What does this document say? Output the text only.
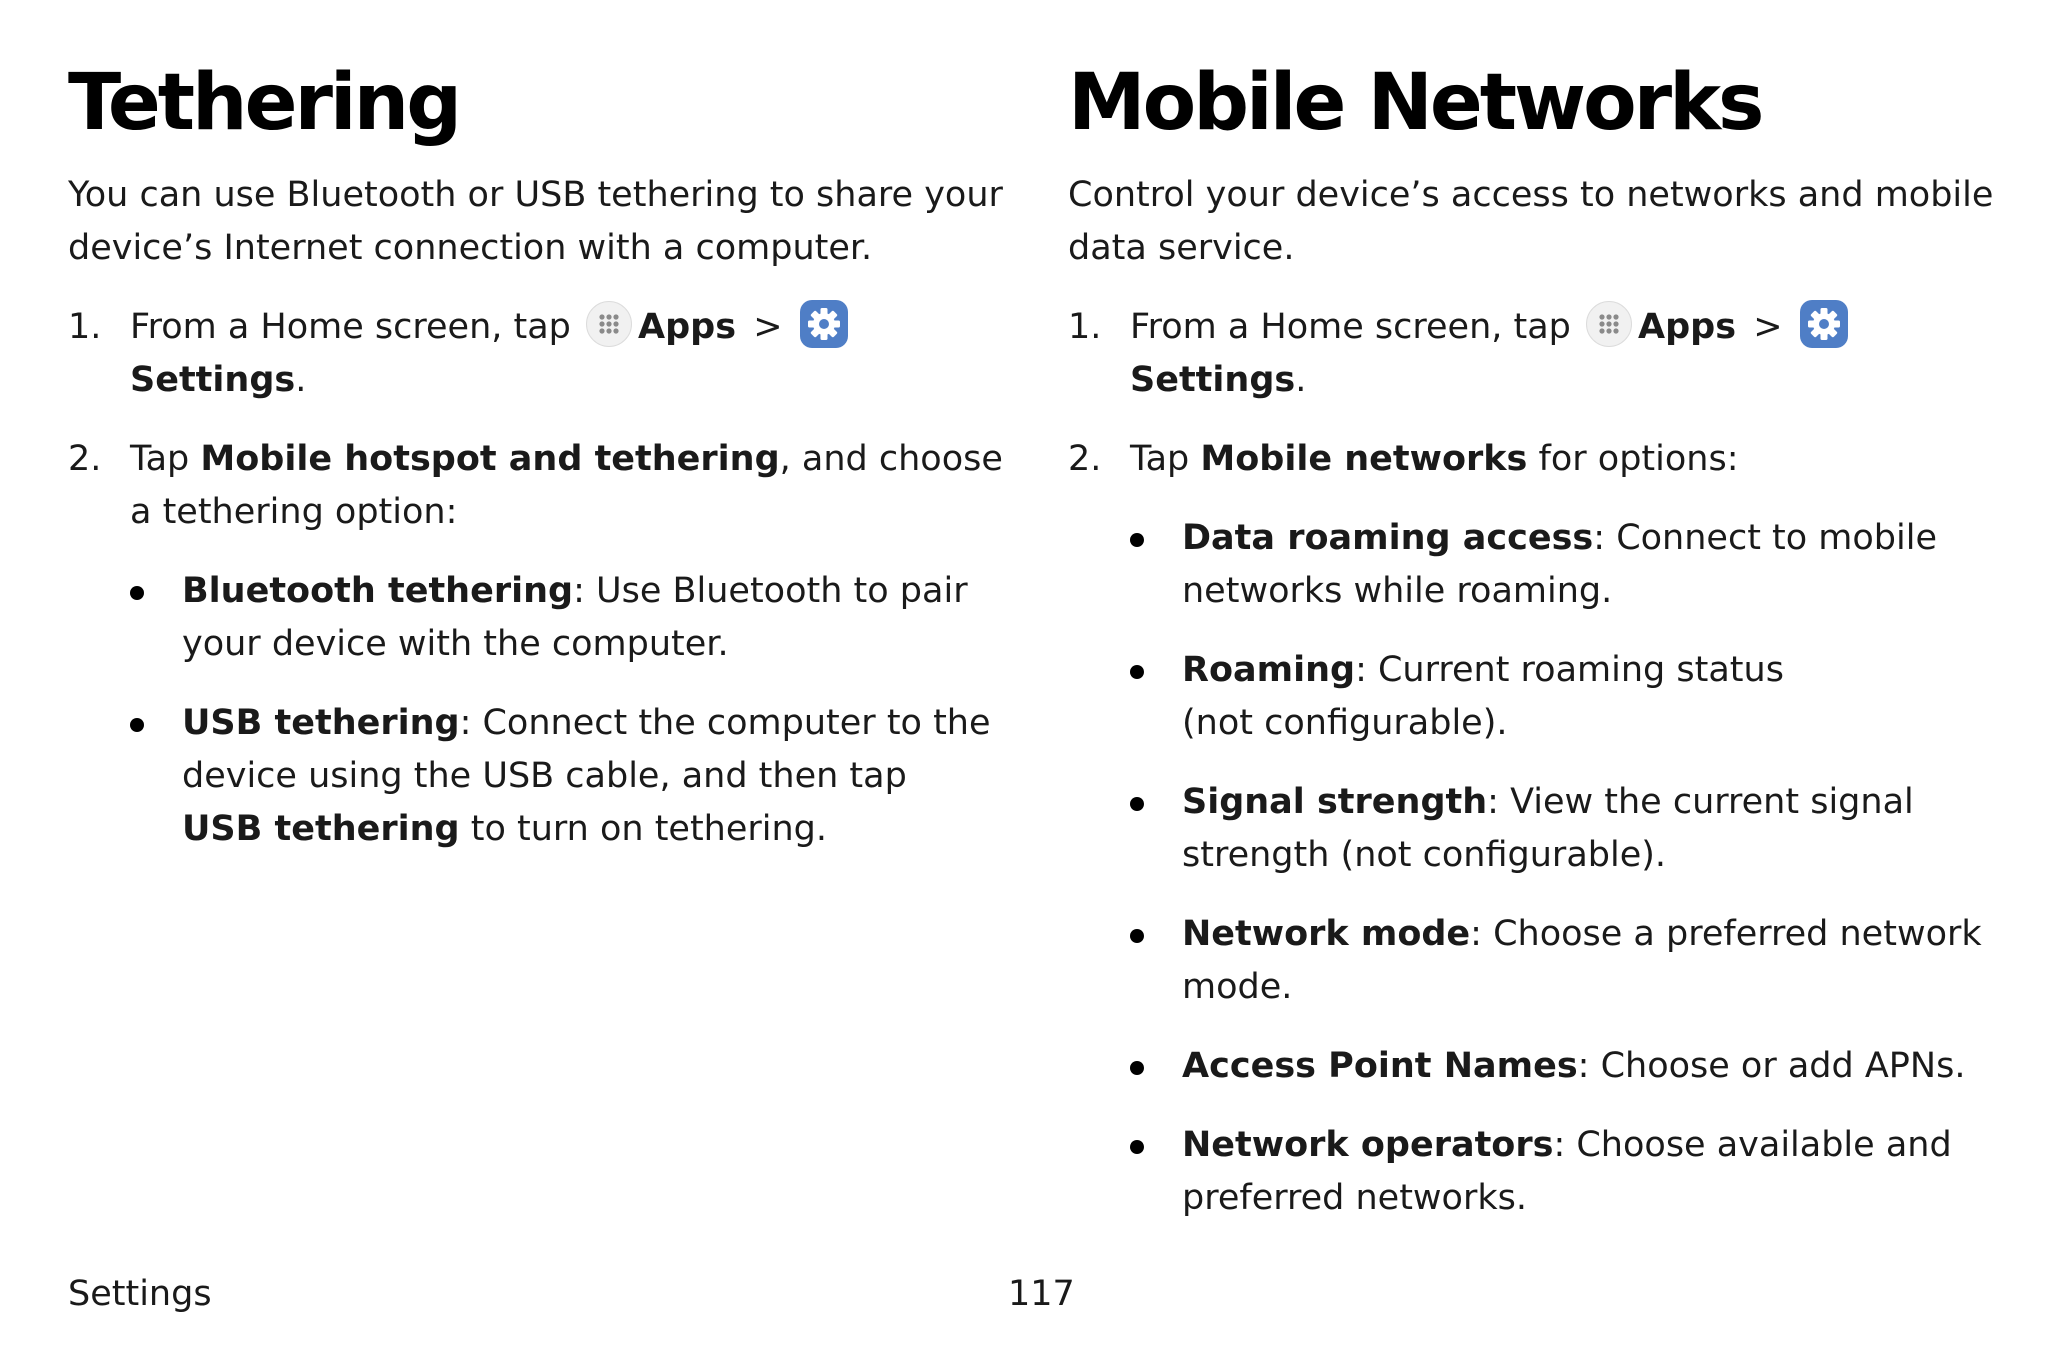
Tethering

You can use Bluetooth or USB tethering to share your device’s Internet connection with a computer.

1. From a Home screen, tap Apps >
Settings.
2. Tap Mobile hotspot and tethering, and choose a tethering option:
Bluetooth tethering: Use Bluetooth to pair your device with the computer.
USB tethering: Connect the computer to the device using the USB cable, and then tap
USB tethering to turn on tethering.
Mobile Networks

Control your device’s access to networks and mobile data service.

1. From a Home screen, tap Apps >
Settings.
2. Tap Mobile networks for options:
Data roaming access: Connect to mobile networks while roaming.
Roaming: Current roaming status
(not configurable).
Signal strength: View the current signal strength (not configurable).
Network mode: Choose a preferred network mode.
Access Point Names: Choose or add APNs.
Network operators: Choose available and preferred networks.
Settings	117
